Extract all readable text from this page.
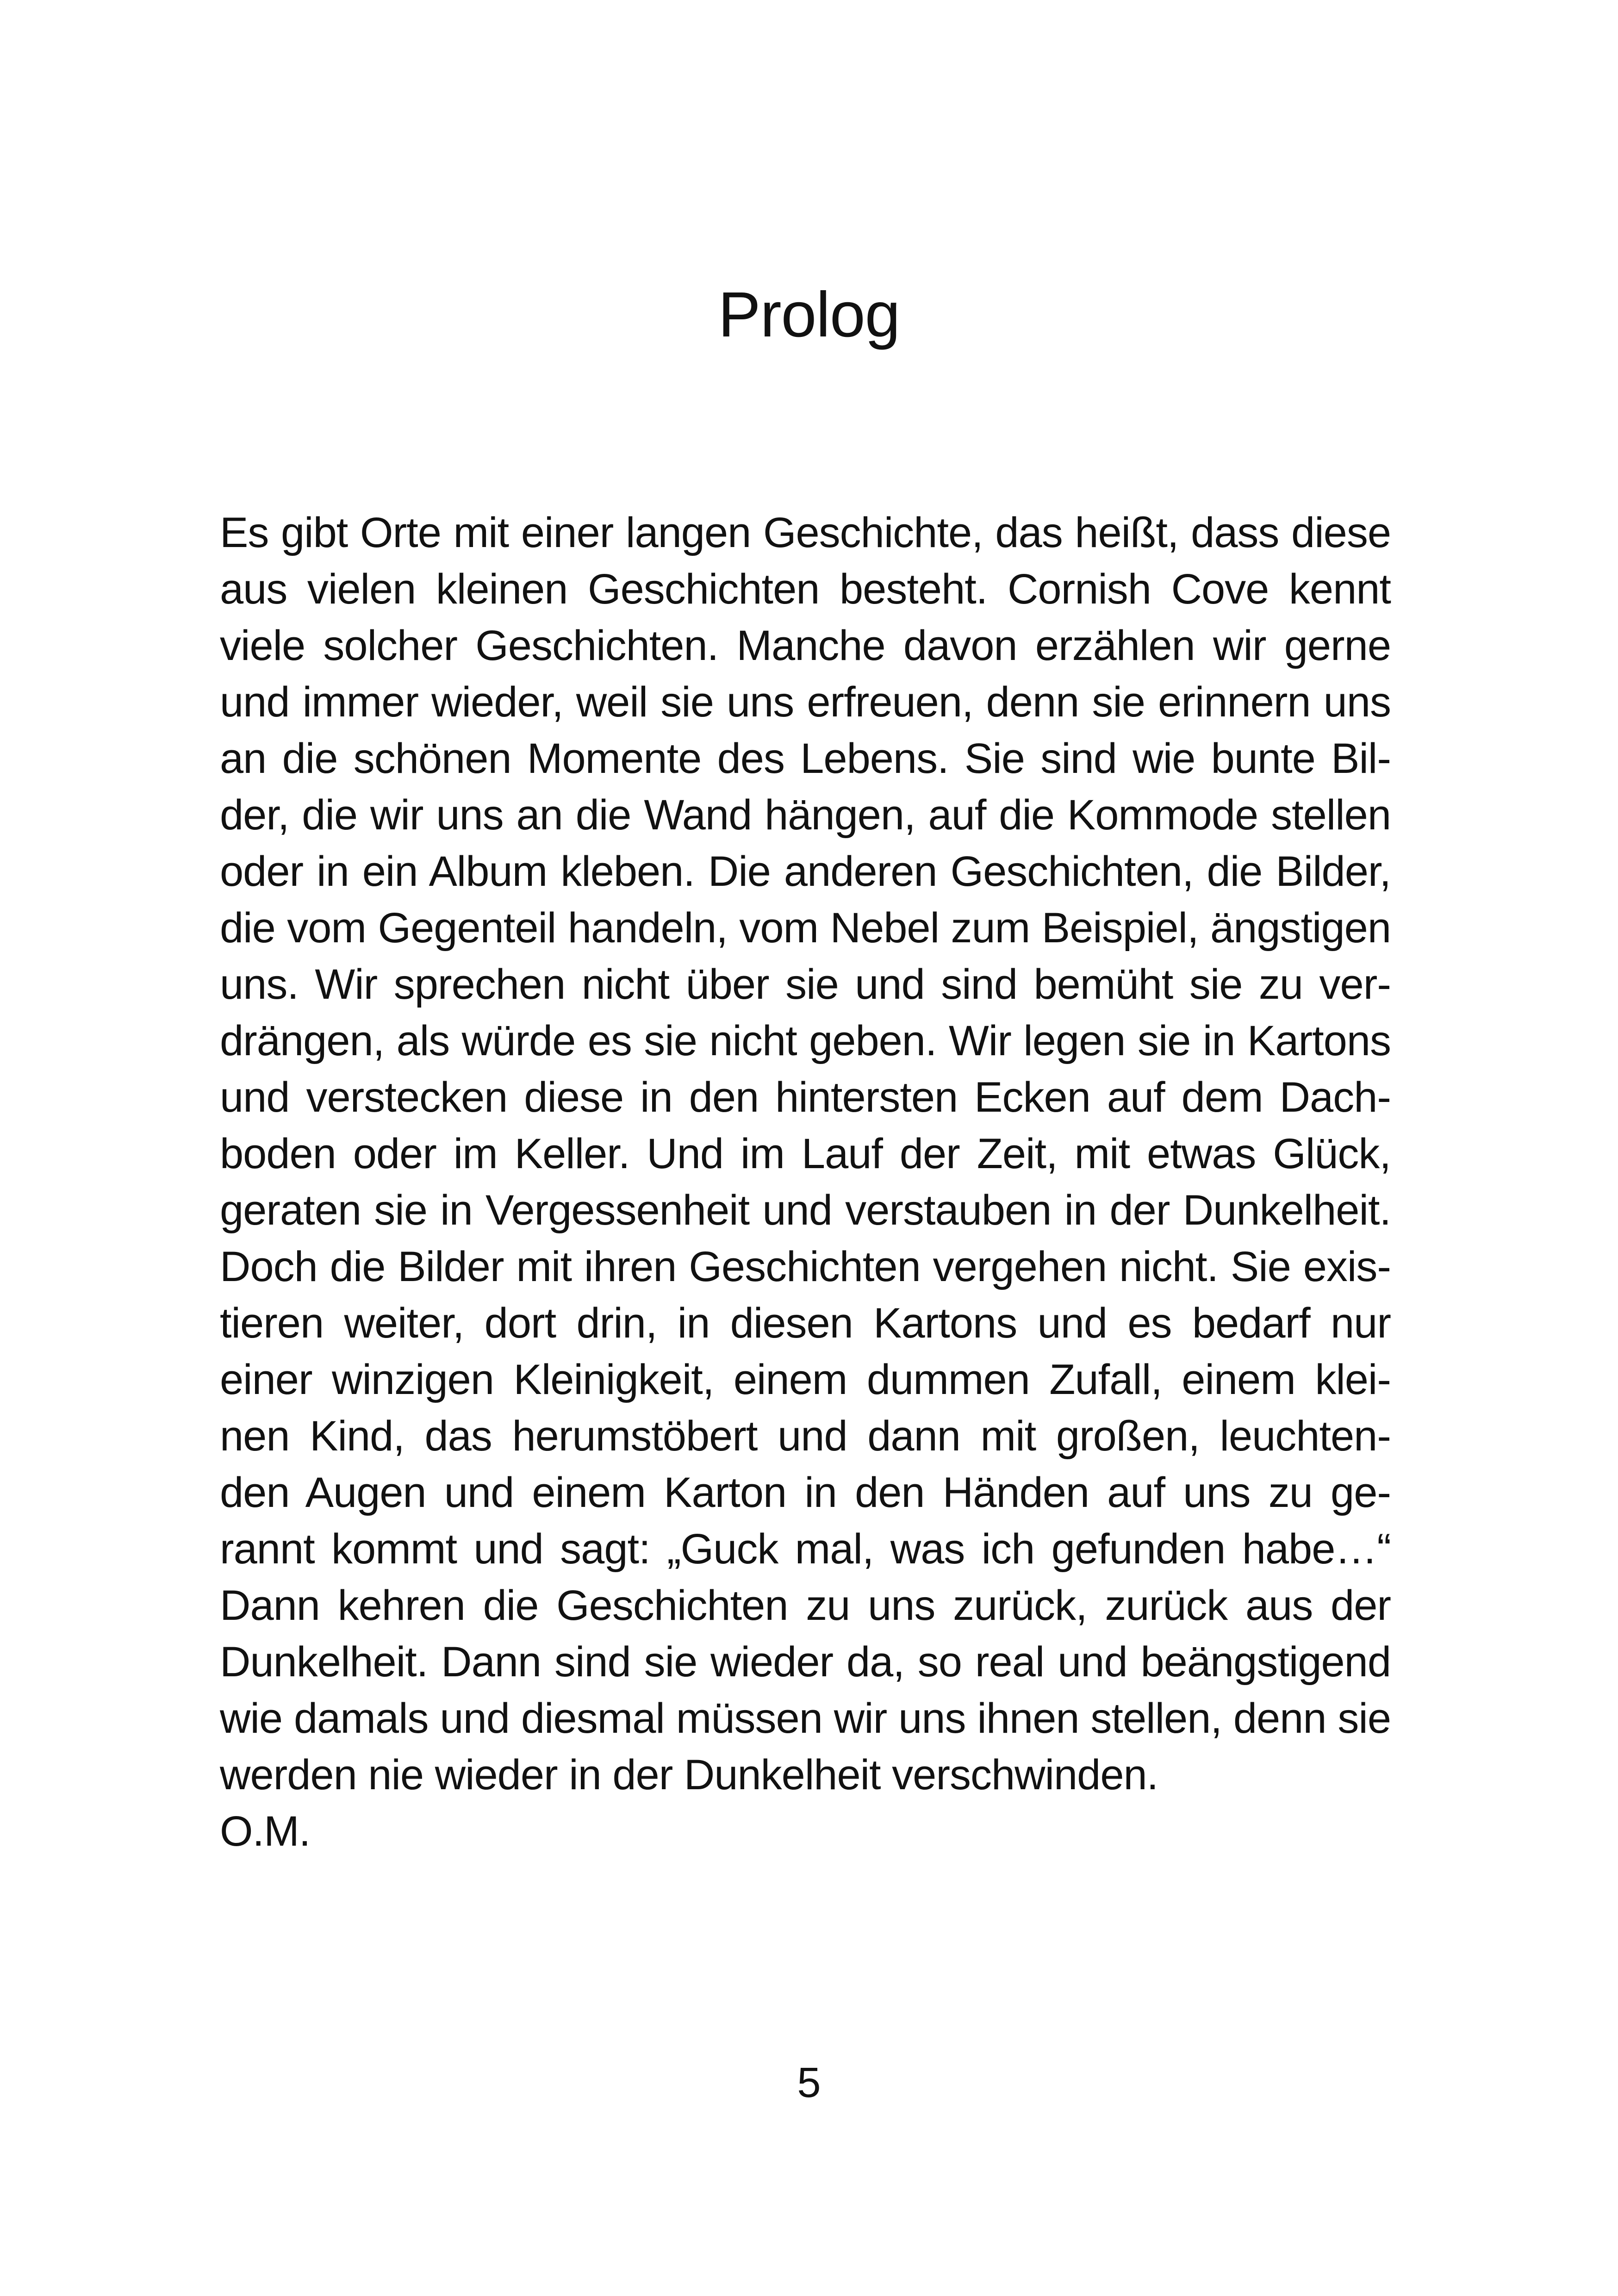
Prolog
Es gibt Orte mit einer langen Geschichte, das heißt, dass diese
aus vielen kleinen Geschichten besteht. Cornish Cove kennt
viele solcher Geschichten. Manche davon erzählen wir gerne
und immer wieder, weil sie uns erfreuen, denn sie erinnern uns
an die schönen Momente des Lebens. Sie sind wie bunte Bil-
der, die wir uns an die Wand hängen, auf die Kommode stellen
oder in ein Album kleben. Die anderen Geschichten, die Bilder,
die vom Gegenteil handeln, vom Nebel zum Beispiel, ängstigen
uns. Wir sprechen nicht über sie und sind bemüht sie zu ver-
drängen, als würde es sie nicht geben. Wir legen sie in Kartons
und verstecken diese in den hintersten Ecken auf dem Dach-
boden oder im Keller. Und im Lauf der Zeit, mit etwas Glück,
geraten sie in Vergessenheit und verstauben in der Dunkelheit.
Doch die Bilder mit ihren Geschichten vergehen nicht. Sie exis-
tieren weiter, dort drin, in diesen Kartons und es bedarf nur
einer winzigen Kleinigkeit, einem dummen Zufall, einem klei-
nen Kind, das herumstöbert und dann mit großen, leuchten-
den Augen und einem Karton in den Händen auf uns zu ge-
rannt kommt und sagt: „Guck mal, was ich gefunden habe…“
Dann kehren die Geschichten zu uns zurück, zurück aus der
Dunkelheit. Dann sind sie wieder da, so real und beängstigend
wie damals und diesmal müssen wir uns ihnen stellen, denn sie
werden nie wieder in der Dunkelheit verschwinden.
O.M.
5
